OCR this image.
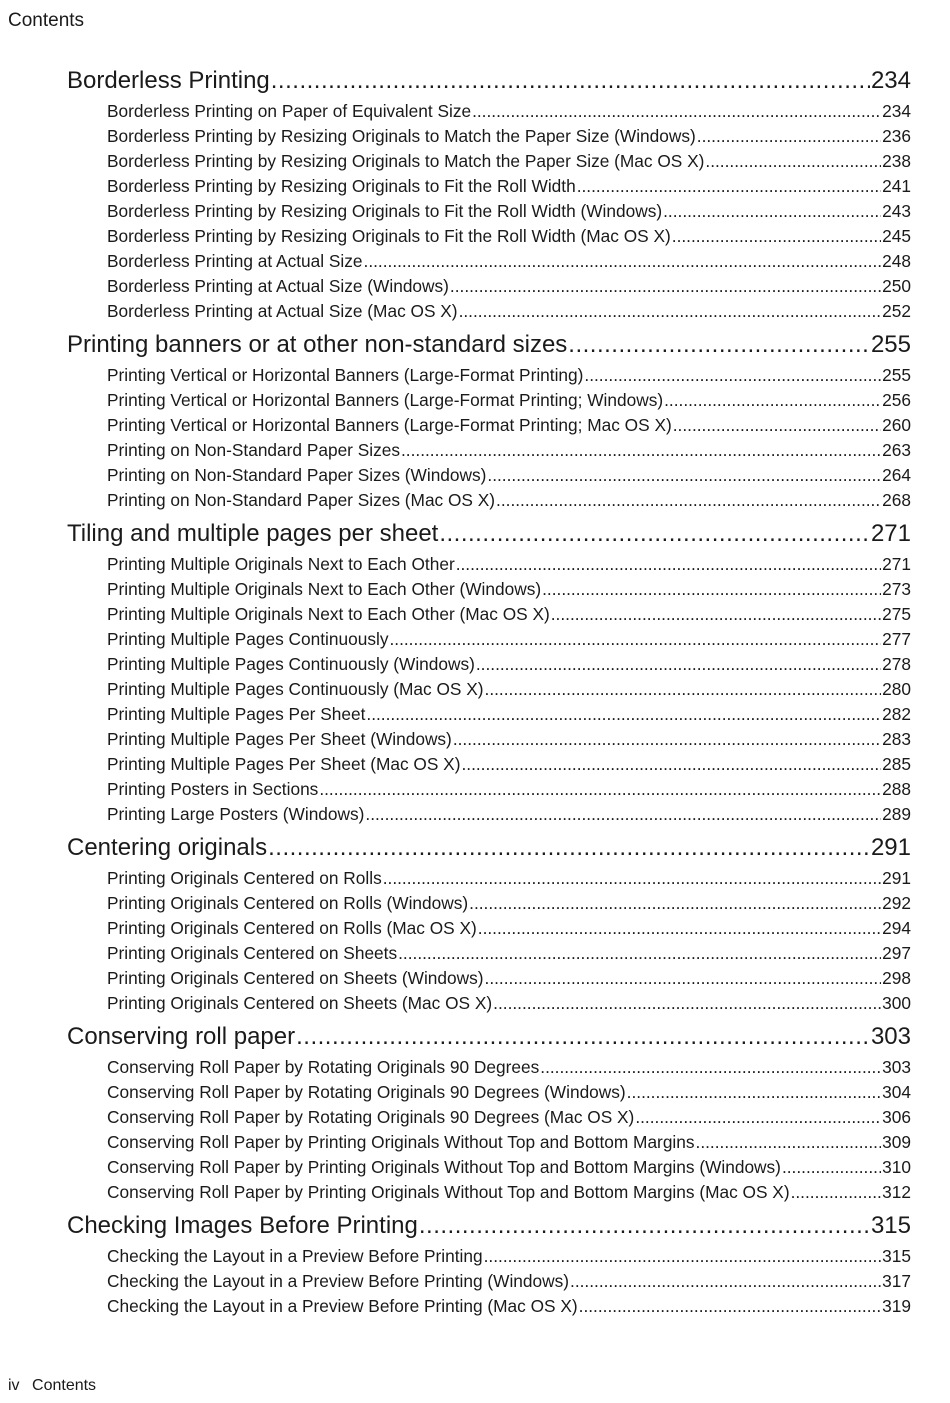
Contents
Borderless Printing .....	234
Borderless Printing on Paper of Equivalent Size .....	234
Borderless Printing by Resizing Originals to Match the Paper Size (Windows) .....	236
Borderless Printing by Resizing Originals to Match the Paper Size (Mac OS X) .....	238
Borderless Printing by Resizing Originals to Fit the Roll Width .....	241
Borderless Printing by Resizing Originals to Fit the Roll Width (Windows) .....	243
Borderless Printing by Resizing Originals to Fit the Roll Width (Mac OS X) .....	245
Borderless Printing at Actual Size .....	248
Borderless Printing at Actual Size (Windows) .....	250
Borderless Printing at Actual Size (Mac OS X) .....	252
Printing banners or at other non-standard sizes .....	255
Printing Vertical or Horizontal Banners (Large-Format Printing) .....	255
Printing Vertical or Horizontal Banners (Large-Format Printing; Windows) .....	256
Printing Vertical or Horizontal Banners (Large-Format Printing; Mac OS X) .....	260
Printing on Non-Standard Paper Sizes .....	263
Printing on Non-Standard Paper Sizes (Windows) .....	264
Printing on Non-Standard Paper Sizes (Mac OS X) .....	268
Tiling and multiple pages per sheet .....	271
Printing Multiple Originals Next to Each Other .....	271
Printing Multiple Originals Next to Each Other (Windows) .....	273
Printing Multiple Originals Next to Each Other (Mac OS X) .....	275
Printing Multiple Pages Continuously .....	277
Printing Multiple Pages Continuously (Windows) .....	278
Printing Multiple Pages Continuously (Mac OS X) .....	280
Printing Multiple Pages Per Sheet .....	282
Printing Multiple Pages Per Sheet (Windows) .....	283
Printing Multiple Pages Per Sheet (Mac OS X) .....	285
Printing Posters in Sections .....	288
Printing Large Posters (Windows) .....	289
Centering originals .....	291
Printing Originals Centered on Rolls .....	291
Printing Originals Centered on Rolls (Windows) .....	292
Printing Originals Centered on Rolls (Mac OS X) .....	294
Printing Originals Centered on Sheets .....	297
Printing Originals Centered on Sheets (Windows) .....	298
Printing Originals Centered on Sheets (Mac OS X) .....	300
Conserving roll paper .....	303
Conserving Roll Paper by Rotating Originals 90 Degrees .....	303
Conserving Roll Paper by Rotating Originals 90 Degrees (Windows) .....	304
Conserving Roll Paper by Rotating Originals 90 Degrees (Mac OS X) .....	306
Conserving Roll Paper by Printing Originals Without Top and Bottom Margins .....	309
Conserving Roll Paper by Printing Originals Without Top and Bottom Margins (Windows) .....	310
Conserving Roll Paper by Printing Originals Without Top and Bottom Margins (Mac OS X) .....	312
Checking Images Before Printing .....	315
Checking the Layout in a Preview Before Printing .....	315
Checking the Layout in a Preview Before Printing (Windows) .....	317
Checking the Layout in a Preview Before Printing (Mac OS X) .....	319
iv Contents
